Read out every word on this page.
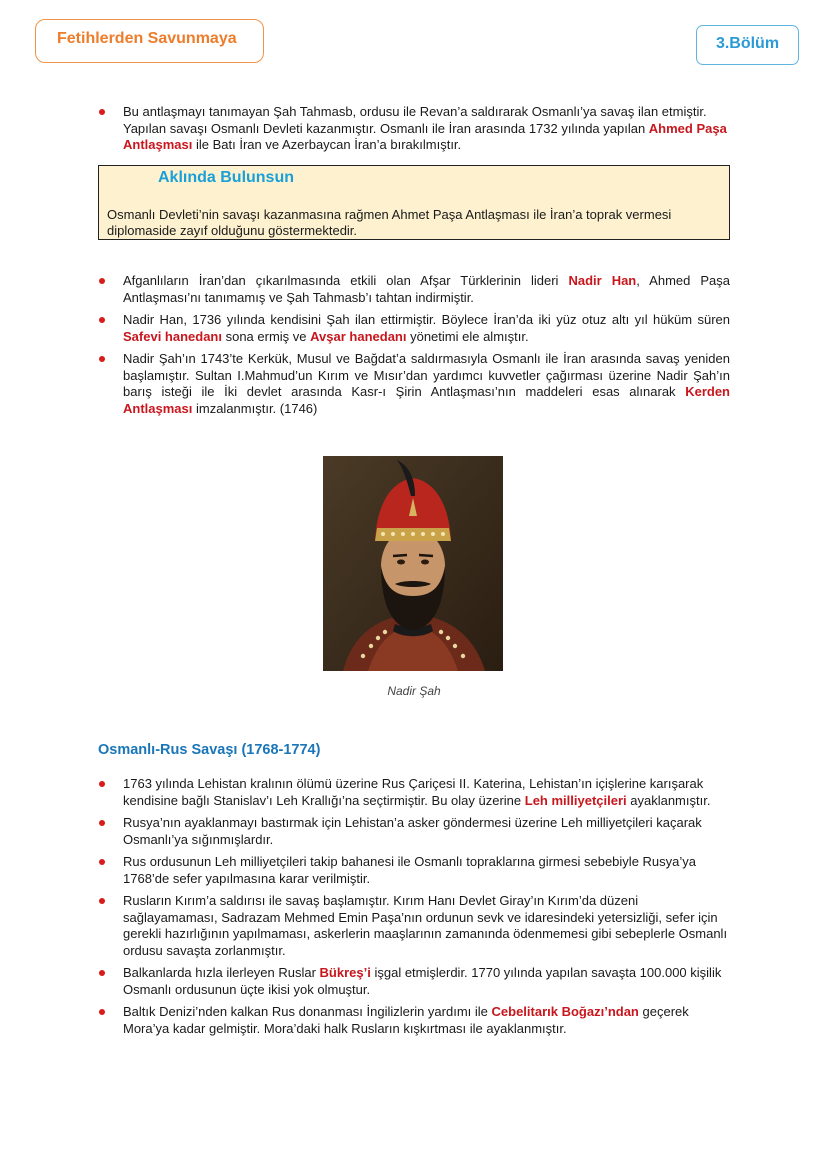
Fetihlerden Savunmaya	3.Bölüm
Bu antlaşmayı tanımayan Şah Tahmasb, ordusu ile Revan’a saldırarak Osmanlı’ya savaş ilan etmiştir. Yapılan savaşı Osmanlı Devleti kazanmıştır. Osmanlı ile İran arasında 1732 yılında yapılan Ahmed Paşa Antlaşması ile Batı İran ve Azerbaycan İran’a bırakılmıştır.
Aklında Bulunsun
Osmanlı Devleti’nin savaşı kazanmasına rağmen Ahmet Paşa Antlaşması ile İran’a toprak vermesi diplomaside zayıf olduğunu göstermektedir.
Afganlıların İran’dan çıkarılmasında etkili olan Afşar Türklerinin lideri Nadir Han, Ahmed Paşa Antlaşması’nı tanımamış ve Şah Tahmasb’ı tahtan indirmiştir.
Nadir Han, 1736 yılında kendisini Şah ilan ettirmiştir. Böylece İran’da iki yüz otuz altı yıl hüküm süren Safevi hanedanı sona ermiş ve Avşar hanedanı yönetimi ele almıştır.
Nadir Şah’ın 1743’te Kerkük, Musul ve Bağdat’a saldırmasıyla Osmanlı ile İran arasında savaş yeniden başlamıştır. Sultan I.Mahmud’un Kırım ve Mısır’dan yardımcı kuvvetler çağırması üzerine Nadir Şah’ın barış isteği ile İki devlet arasında Kasr-ı Şirin Antlaşması’nın maddeleri esas alınarak Kerden Antlaşması imzalanmıştır. (1746)
Nadir Şah
Osmanlı-Rus Savaşı (1768-1774)
1763 yılında Lehistan kralının ölümü üzerine Rus Çariçesi II. Katerina, Lehistan’ın içişlerine karışarak kendisine bağlı Stanislav’ı Leh Krallığı’na seçtirmiştir. Bu olay üzerine Leh milliyetçileri ayaklanmıştır.
Rusya’nın ayaklanmayı bastırmak için Lehistan’a asker göndermesi üzerine Leh milliyetçileri kaçarak Osmanlı’ya sığınmışlardır.
Rus ordusunun Leh milliyetçileri takip bahanesi ile Osmanlı topraklarına girmesi sebebiyle Rusya’ya 1768’de sefer yapılmasına karar verilmiştir.
Rusların Kırım’a saldırısı ile savaş başlamıştır. Kırım Hanı Devlet Giray’ın Kırım’da düzeni sağlayamaması, Sadrazam Mehmed Emin Paşa’nın ordunun sevk ve idaresindeki yetersizliği, sefer için gerekli hazırlığının yapılmaması, askerlerin maaşlarının zamanında ödenmemesi gibi sebeplerle Osmanlı ordusu savaşta zorlanmıştır.
Balkanlarda hızla ilerleyen Ruslar Bükreş’i işgal etmişlerdir. 1770 yılında yapılan savaşta 100.000 kişilik Osmanlı ordusunun üçte ikisi yok olmuştur.
Baltık Denizi’nden kalkan Rus donanması İngilizlerin yardımı ile Cebelitarık Boğazı’ndan geçerek Mora’ya kadar gelmiştir. Mora’daki halk Rusların kışkırtması ile ayaklanmıştır.
